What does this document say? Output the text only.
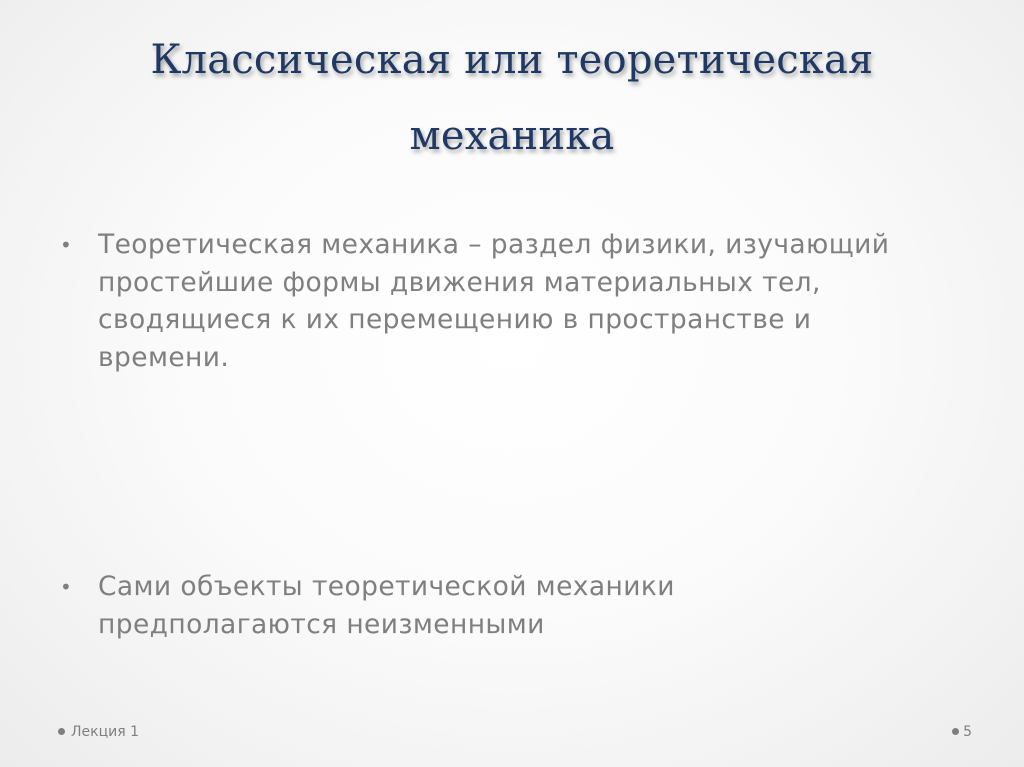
Классическая или теоретическая
механика
• Теоретическая механика – раздел физики, изучающий простейшие формы движения материальных тел, сводящиеся к их перемещению в пространстве и времени.
• Сами объекты теоретической механики предполагаются неизменными
Лекция 1	5
